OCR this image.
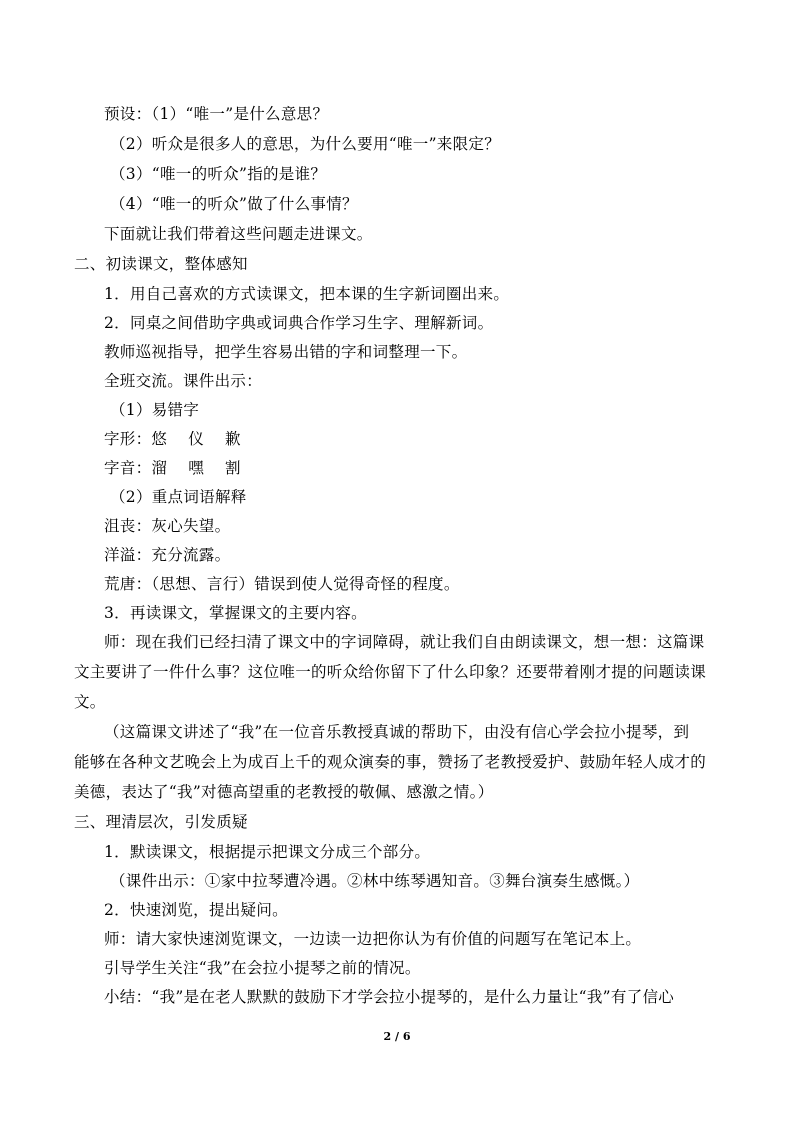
预设：（1）“唯一”是什么意思？
（2）听众是很多人的意思，为什么要用“唯一”来限定？
（3）“唯一的听众”指的是谁？
（4）“唯一的听众”做了什么事情？
下面就让我们带着这些问题走进课文。
二、初读课文，整体感知
1．用自己喜欢的方式读课文，把本课的生字新词圈出来。
2．同桌之间借助字典或词典合作学习生字、理解新词。
教师巡视指导，把学生容易出错的字和词整理一下。
全班交流。课件出示：
（1）易错字
字形：悠　 仪　 歉
字音：溜　 嘿　 割
（2）重点词语解释
沮丧：灰心失望。
洋溢：充分流露。
荒唐：（思想、言行）错误到使人觉得奇怪的程度。
3．再读课文，掌握课文的主要内容。
师：现在我们已经扫清了课文中的字词障碍，就让我们自由朗读课文，想一想：这篇课
文主要讲了一件什么事？这位唯一的听众给你留下了什么印象？还要带着刚才提的问题读课
文。
（这篇课文讲述了“我”在一位音乐教授真诚的帮助下，由没有信心学会拉小提琴，到
能够在各种文艺晚会上为成百上千的观众演奏的事，赞扬了老教授爱护、鼓励年轻人成才的
美德，表达了“我”对德高望重的老教授的敬佩、感激之情。）
三、理清层次，引发质疑
1．默读课文，根据提示把课文分成三个部分。
（课件出示：①家中拉琴遭冷遇。②林中练琴遇知音。③舞台演奏生感慨。）
2．快速浏览，提出疑问。
师：请大家快速浏览课文，一边读一边把你认为有价值的问题写在笔记本上。
引导学生关注“我”在会拉小提琴之前的情况。
小结：“我”是在老人默默的鼓励下才学会拉小提琴的，是什么力量让“我”有了信心
2 / 6
